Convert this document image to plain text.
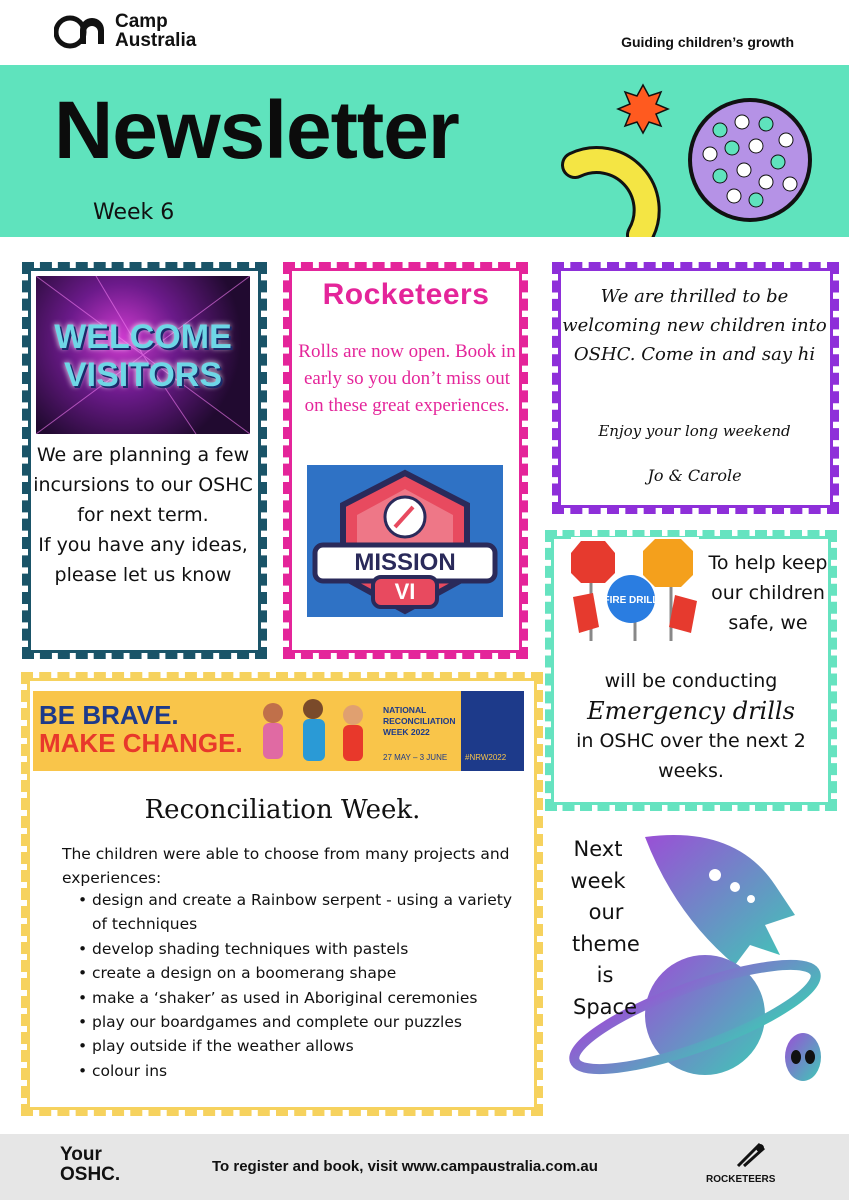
Camp
Australia	Guiding children’s growth
Newsletter
Week 6
WELCOME
VISITORS
We are planning a few incursions to our OSHC for next term.
If you have any ideas, please let us know
Rocketeers
Rolls are now open. Book in early so you don’t miss out on these great experiences.
MISSION
VI
We are thrilled to be welcoming new children into OSHC. Come in and say hi
Enjoy your long weekend
Jo & Carole
FIRE DRILL
To help keep our children safe, we
will be conducting
Emergency drills
in OSHC over the next 2 weeks.
BE BRAVE.
MAKE CHANGE.
NATIONAL RECONCILIATION WEEK 2022
27 MAY – 3 JUNE #NRW2022
Reconciliation Week.
The children were able to choose from many projects and experiences:
• design and create a Rainbow serpent - using a variety of techniques
• develop shading techniques with pastels
• create a design on a boomerang shape
• make a ‘shaker’ as used in Aboriginal ceremonies
• play our boardgames and complete our puzzles
• play outside if the weather allows
• colour ins
Next
week
our
theme
is
Space
Your
OSHC.	To register and book, visit www.campaustralia.com.au
ROCKETEERS
